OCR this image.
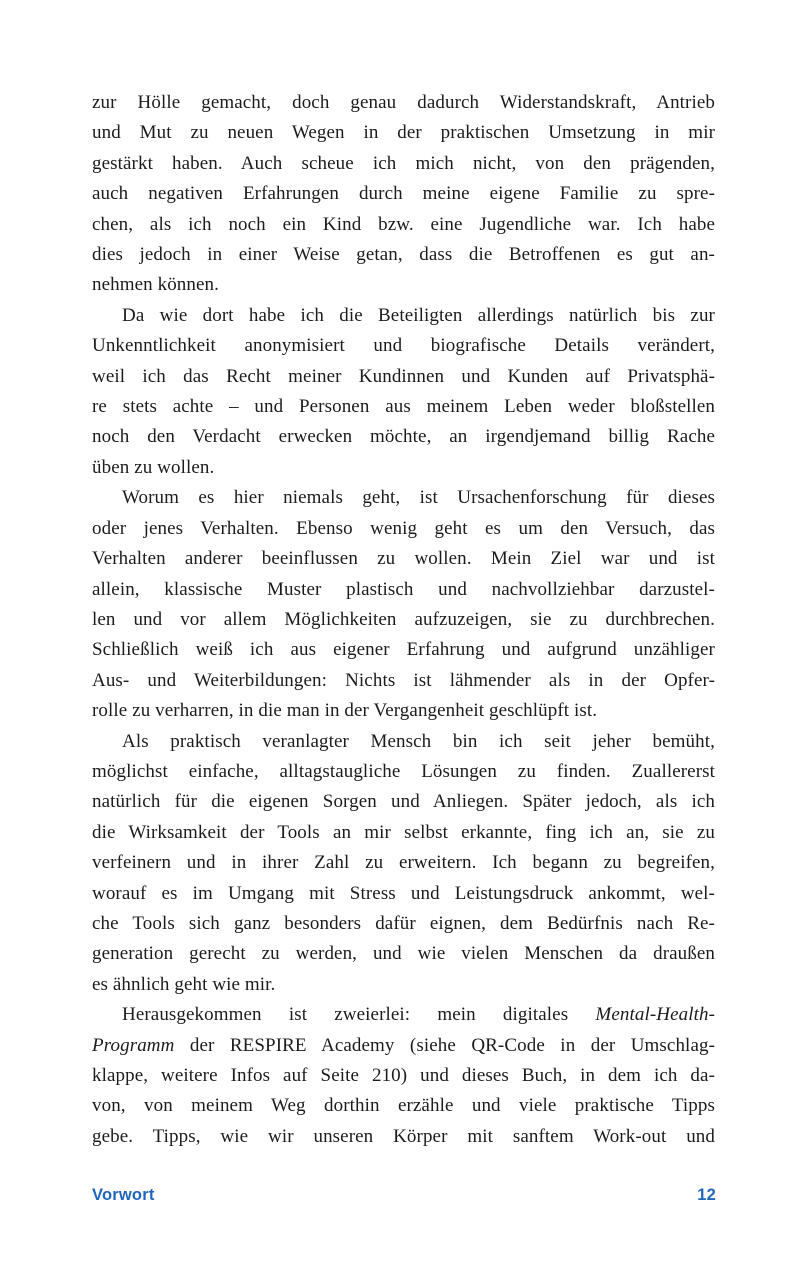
zur Hölle gemacht, doch genau dadurch Widerstandskraft, Antrieb
und Mut zu neuen Wegen in der praktischen Umsetzung in mir
gestärkt haben. Auch scheue ich mich nicht, von den prägenden,
auch negativen Erfahrungen durch meine eigene Familie zu spre-
chen, als ich noch ein Kind bzw. eine Jugendliche war. Ich habe
dies jedoch in einer Weise getan, dass die Betroffenen es gut an-
nehmen können.
Da wie dort habe ich die Beteiligten allerdings natürlich bis zur
Unkenntlichkeit anonymisiert und biografische Details verändert,
weil ich das Recht meiner Kundinnen und Kunden auf Privatsphä-
re stets achte – und Personen aus meinem Leben weder bloßstellen
noch den Verdacht erwecken möchte, an irgendjemand billig Rache
üben zu wollen.
Worum es hier niemals geht, ist Ursachenforschung für dieses
oder jenes Verhalten. Ebenso wenig geht es um den Versuch, das
Verhalten anderer beeinflussen zu wollen. Mein Ziel war und ist
allein, klassische Muster plastisch und nachvollziehbar darzustel-
len und vor allem Möglichkeiten aufzuzeigen, sie zu durchbrechen.
Schließlich weiß ich aus eigener Erfahrung und aufgrund unzähliger
Aus- und Weiterbildungen: Nichts ist lähmender als in der Opfer-
rolle zu verharren, in die man in der Vergangenheit geschlüpft ist.
Als praktisch veranlagter Mensch bin ich seit jeher bemüht,
möglichst einfache, alltagstaugliche Lösungen zu finden. Zuallererst
natürlich für die eigenen Sorgen und Anliegen. Später jedoch, als ich
die Wirksamkeit der Tools an mir selbst erkannte, fing ich an, sie zu
verfeinern und in ihrer Zahl zu erweitern. Ich begann zu begreifen,
worauf es im Umgang mit Stress und Leistungsdruck ankommt, wel-
che Tools sich ganz besonders dafür eignen, dem Bedürfnis nach Re-
generation gerecht zu werden, und wie vielen Menschen da draußen
es ähnlich geht wie mir.
Herausgekommen ist zweierlei: mein digitales Mental-Health-
Programm der RESPIRE Academy (siehe QR-Code in der Umschlag-
klappe, weitere Infos auf Seite 210) und dieses Buch, in dem ich da-
von, von meinem Weg dorthin erzähle und viele praktische Tipps
gebe. Tipps, wie wir unseren Körper mit sanftem Work-out und
Vorwort	12
